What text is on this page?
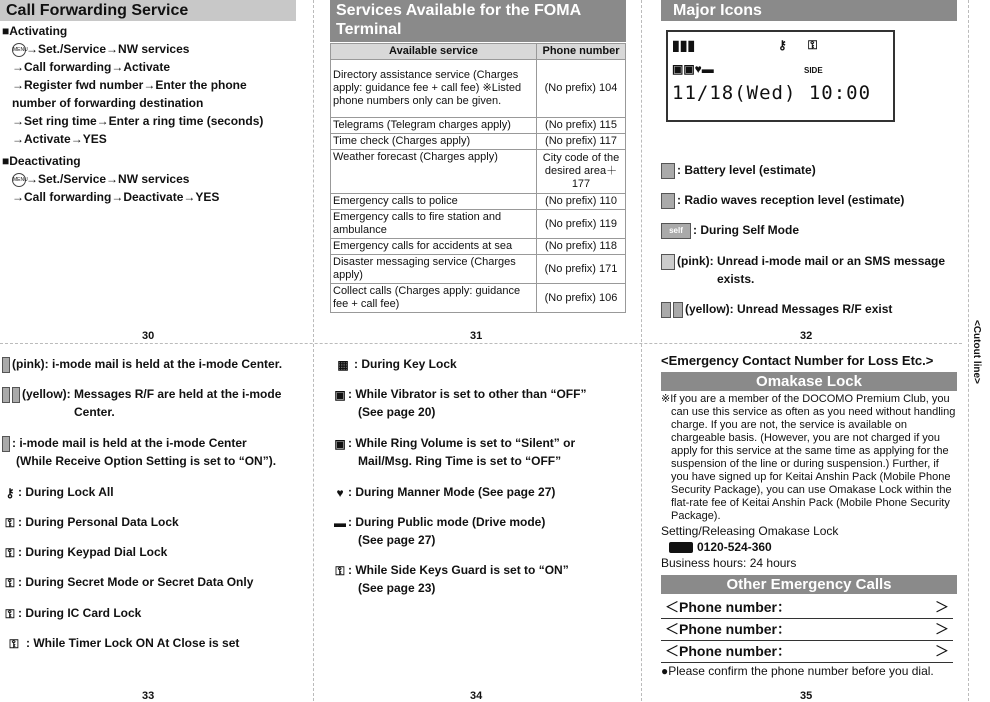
<Cutout line>
30	31	32
33	34	35
Call Forwarding Service
■Activating
MENU→Set./Service→NW services
→Call forwarding→Activate
→Register fwd number→Enter the phone
number of forwarding destination
→Set ring time→Enter a ring time (seconds)
→Activate→YES
■Deactivating
MENU→Set./Service→NW services
→Call forwarding→Deactivate→YES
Services Available for the FOMA
Terminal
Available service	Phone number
Directory assistance service (Charges apply: guidance fee + call fee) ※Listed phone numbers only can be given.	(No prefix) 104
Telegrams (Telegram charges apply)	(No prefix) 115
Time check (Charges apply)	(No prefix) 117
Weather forecast (Charges apply)	City code of the desired area＋177
Emergency calls to police	(No prefix) 110
Emergency calls to fire station and ambulance	(No prefix) 119
Emergency calls for accidents at sea	(No prefix) 118
Disaster messaging service (Charges apply)	(No prefix) 171
Collect calls (Charges apply: guidance fee + call fee)	(No prefix) 106
Major Icons
▮▮▮	⚷ ⚿
▣▣♥▬	SIDE
11/18(Wed) 10:00
: Battery level (estimate)
: Radio waves reception level (estimate)
self : During Self Mode
(pink): Unread i-mode mail or an SMS message
exists.
(yellow): Unread Messages R/F exist
(pink): i-mode mail is held at the i-mode Center.
(yellow): Messages R/F are held at the i-mode
Center.
: i-mode mail is held at the i-mode Center
(While Receive Option Setting is set to “ON”).
⚷ : During Lock All
⚿ : During Personal Data Lock
⚿ : During Keypad Dial Lock
⚿ : During Secret Mode or Secret Data Only
⚿ : During IC Card Lock
⚿ : While Timer Lock ON At Close is set
▦ : During Key Lock
▣ : While Vibrator is set to other than “OFF”
(See page 20)
▣ : While Ring Volume is set to “Silent” or
Mail/Msg. Ring Time is set to “OFF”
♥ : During Manner Mode (See page 27)
▬ : During Public mode (Drive mode)
(See page 27)
⚿ : While Side Keys Guard is set to “ON”
(See page 23)
<Emergency Contact Number for Loss Etc.>
Omakase Lock
※If you are a member of the DOCOMO Premium Club, you can use this service as often as you need without handling charge. If you are not, the service is available on chargeable basis. (However, you are not charged if you apply for this service at the same time as applying for the suspension of the line or during suspension.) Further, if you have signed up for Keitai Anshin Pack (Mobile Phone Security Package), you can use Omakase Lock within the flat-rate fee of Keitai Anshin Pack (Mobile Phone Security Package).
Setting/Releasing Omakase Lock
0120-524-360
Business hours: 24 hours
Other Emergency Calls
＜Phone number：	＞
＜Phone number：	＞
＜Phone number：	＞
●Please confirm the phone number before you dial.
